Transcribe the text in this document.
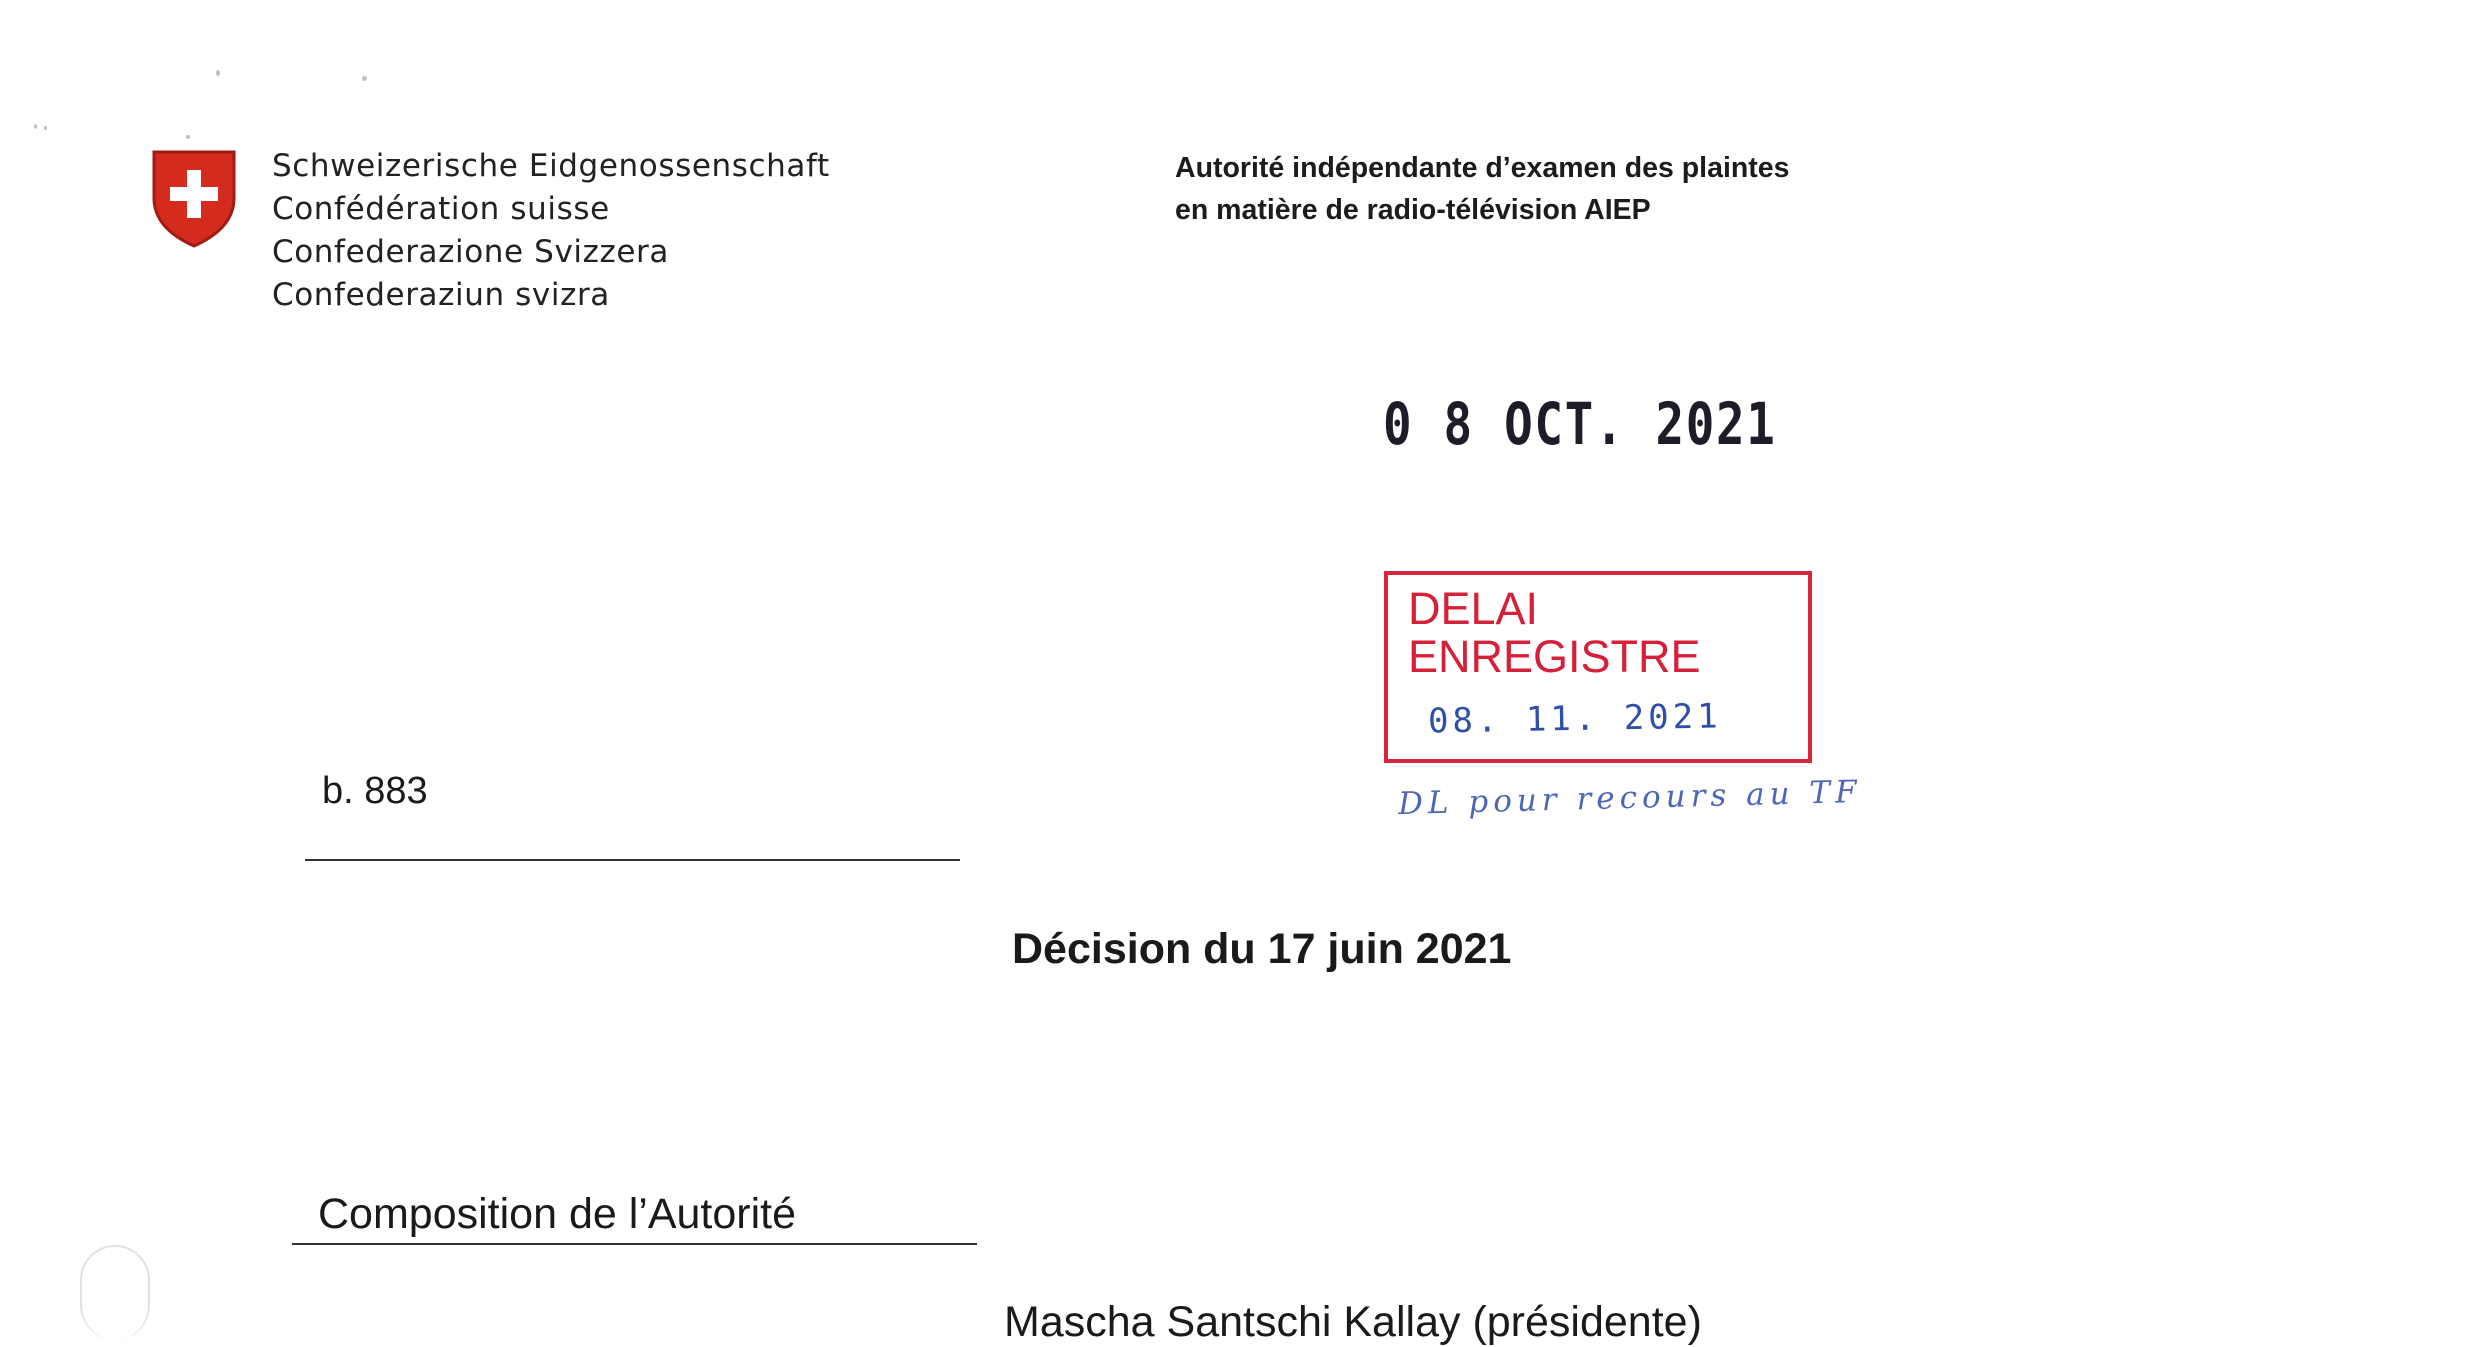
Schweizerische Eidgenossenschaft
Confédération suisse
Confederazione Svizzera
Confederaziun svizra
Autorité indépendante d’examen des plaintes
en matière de radio-télévision AIEP
0 8 OCT. 2021
DELAI
ENREGISTRE
08. 11. 2021
DL pour recours au TF
b. 883
Décision du 17 juin 2021
Composition de l’Autorité
Mascha Santschi Kallay (présidente)
